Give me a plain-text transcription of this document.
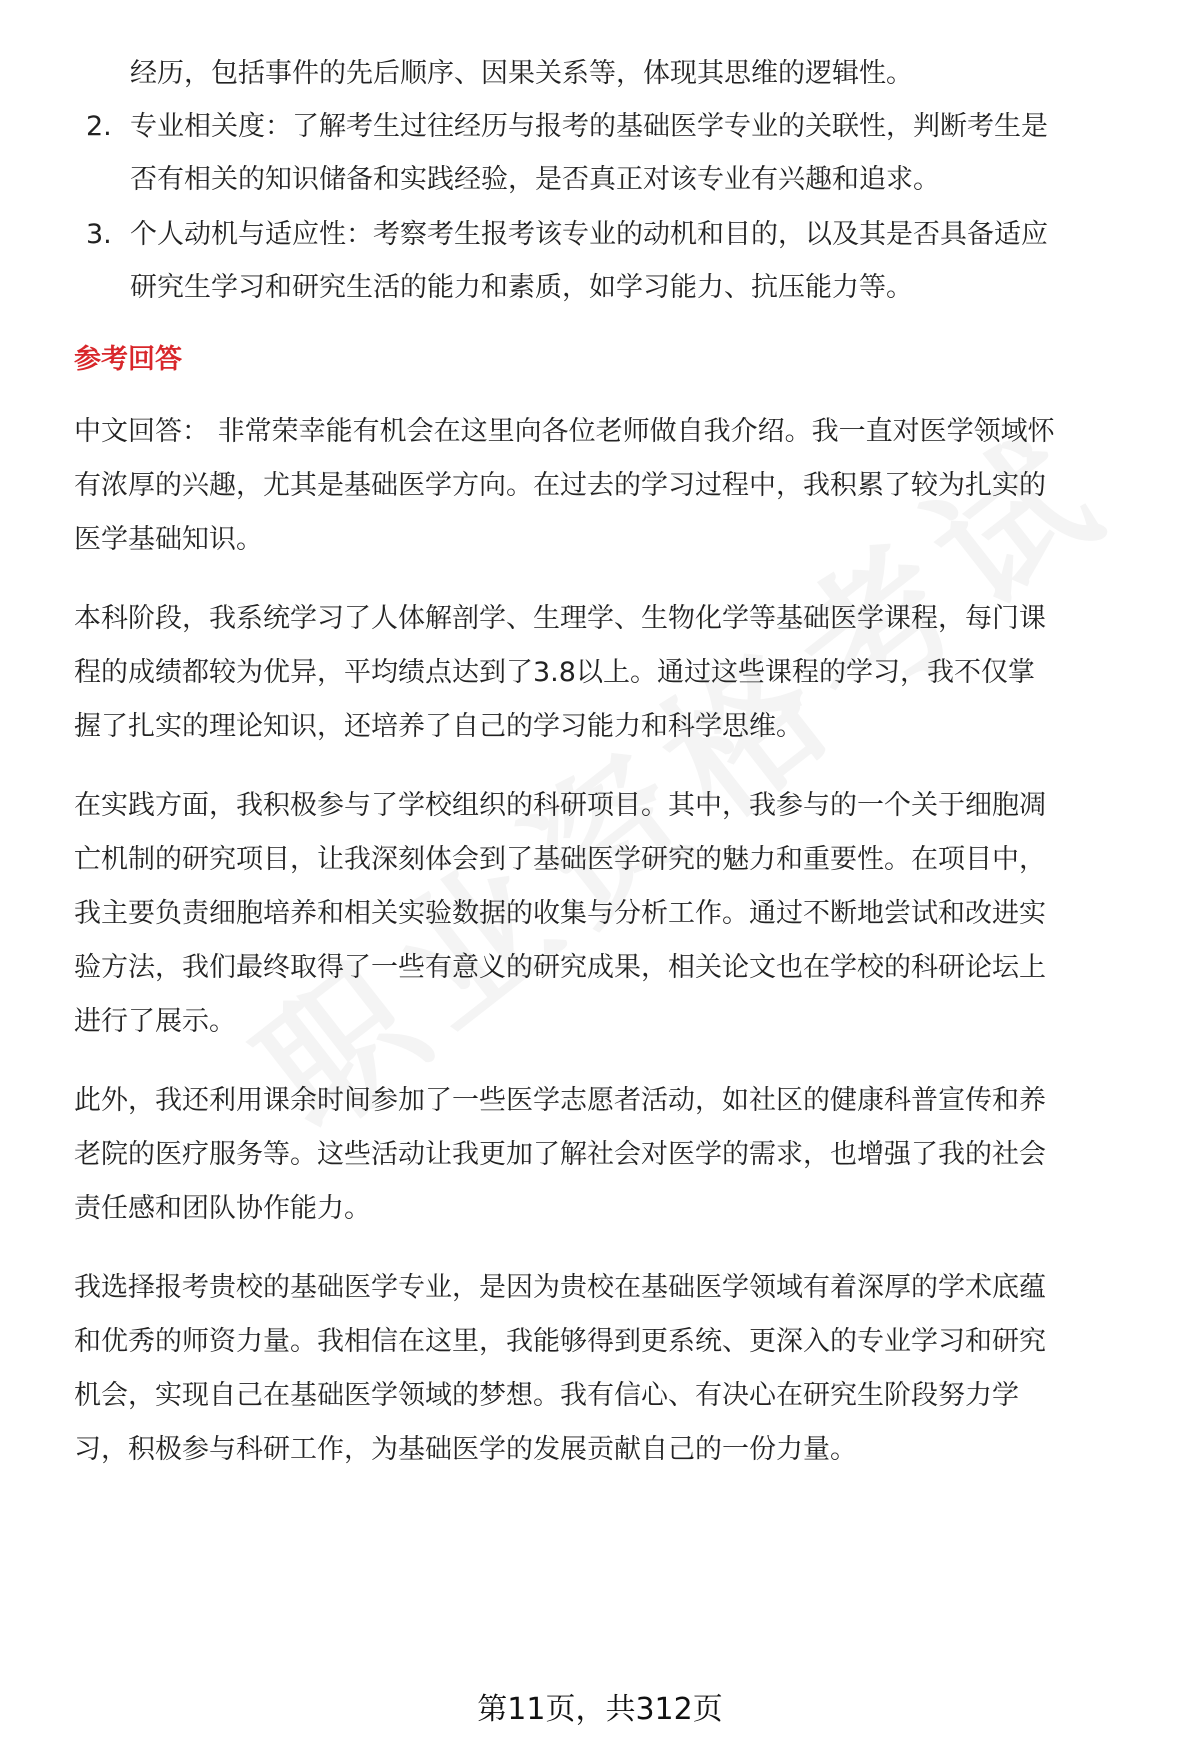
经历，包括事件的先后顺序、因果关系等，体现其思维的逻辑性。
2. 专业相关度：了解考生过往经历与报考的基础医学专业的关联性，判断考生是
否有相关的知识储备和实践经验，是否真正对该专业有兴趣和追求。
3. 个人动机与适应性：考察考生报考该专业的动机和目的，以及其是否具备适应
研究生学习和研究生活的能力和素质，如学习能力、抗压能力等。
参考回答
中文回答： 非常荣幸能有机会在这里向各位老师做自我介绍。我一直对医学领域怀
有浓厚的兴趣，尤其是基础医学方向。在过去的学习过程中，我积累了较为扎实的
医学基础知识。
本科阶段，我系统学习了人体解剖学、生理学、生物化学等基础医学课程，每门课
程的成绩都较为优异，平均绩点达到了3.8以上。通过这些课程的学习，我不仅掌
握了扎实的理论知识，还培养了自己的学习能力和科学思维。
在实践方面，我积极参与了学校组织的科研项目。其中，我参与的一个关于细胞凋
亡机制的研究项目，让我深刻体会到了基础医学研究的魅力和重要性。在项目中，
我主要负责细胞培养和相关实验数据的收集与分析工作。通过不断地尝试和改进实
验方法，我们最终取得了一些有意义的研究成果，相关论文也在学校的科研论坛上
进行了展示。
此外，我还利用课余时间参加了一些医学志愿者活动，如社区的健康科普宣传和养
老院的医疗服务等。这些活动让我更加了解社会对医学的需求，也增强了我的社会
责任感和团队协作能力。
我选择报考贵校的基础医学专业，是因为贵校在基础医学领域有着深厚的学术底蕴
和优秀的师资力量。我相信在这里，我能够得到更系统、更深入的专业学习和研究
机会，实现自己在基础医学领域的梦想。我有信心、有决心在研究生阶段努力学
习，积极参与科研工作，为基础医学的发展贡献自己的一份力量。
第11页，共312页
